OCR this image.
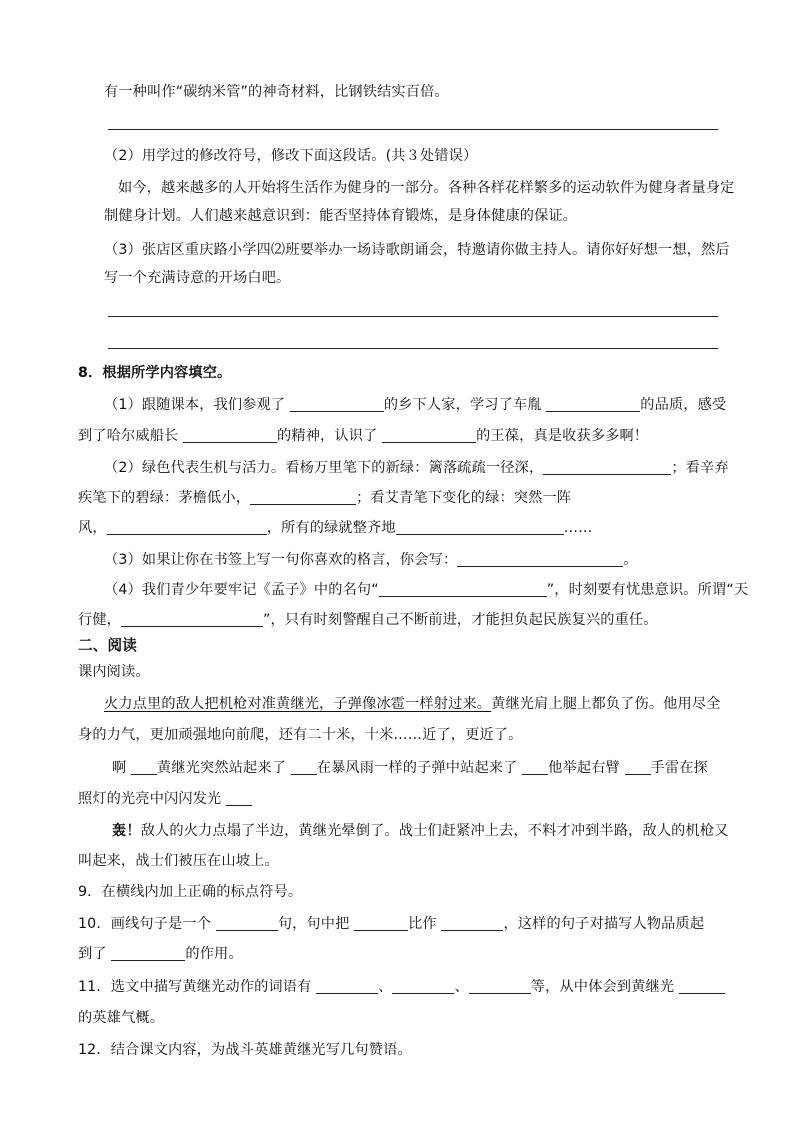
有一种叫作“碳纳米管”的神奇材料，比钢铁结实百倍。
（2）用学过的修改符号，修改下面这段话。(共３处错误）
如今，越来越多的人开始将生活作为健身的一部分。各种各样花样繁多的运动软件为健身者量身定
制健身计划。人们越来越意识到：能否坚持体育锻炼，是身体健康的保证。
（3）张店区重庆路小学四⑵班要举办一场诗歌朗诵会，特邀请你做主持人。请你好好想一想，然后
写一个充满诗意的开场白吧。
8．根据所学内容填空。
（1）跟随课本，我们参观了	的乡下人家，学习了车胤	的品质，感受
到了哈尔威船长	的精神，认识了	的王葆，真是收获多多啊！
（2）绿色代表生机与活力。看杨万里笔下的新绿：篱落疏疏一径深，	；看辛弃
疾笔下的碧绿：茅檐低小，	；看艾青笔下变化的绿：突然一阵
风，	，所有的绿就整齐地	……
（3）如果让你在书签上写一句你喜欢的格言，你会写：	。
（4）我们青少年要牢记《孟子》中的名句“	”，时刻要有忧患意识。所谓“天
行健，	”，只有时刻警醒自己不断前进，才能担负起民族复兴的重任。
二、阅读
课内阅读。
火力点里的敌人把机枪对准黄继光，子弹像冰雹一样射过来。黄继光肩上腿上都负了伤。他用尽全
身的力气，更加顽强地向前爬，还有二十米，十米……近了，更近了。
啊 黄继光突然站起来了 在暴风雨一样的子弹中站起来了 他举起右臂 手雷在探
照灯的光亮中闪闪发光
轰！敌人的火力点塌了半边，黄继光晕倒了。战士们赶紧冲上去，不料才冲到半路，敌人的机枪又
叫起来，战士们被压在山坡上。
9．在横线内加上正确的标点符号。
10．画线句子是一个	句，句中把	比作	，这样的句子对描写人物品质起
到了	的作用。
11．选文中描写黄继光动作的词语有	、	、	等，从中体会到黄继光
的英雄气概。
12．结合课文内容，为战斗英雄黄继光写几句赞语。
